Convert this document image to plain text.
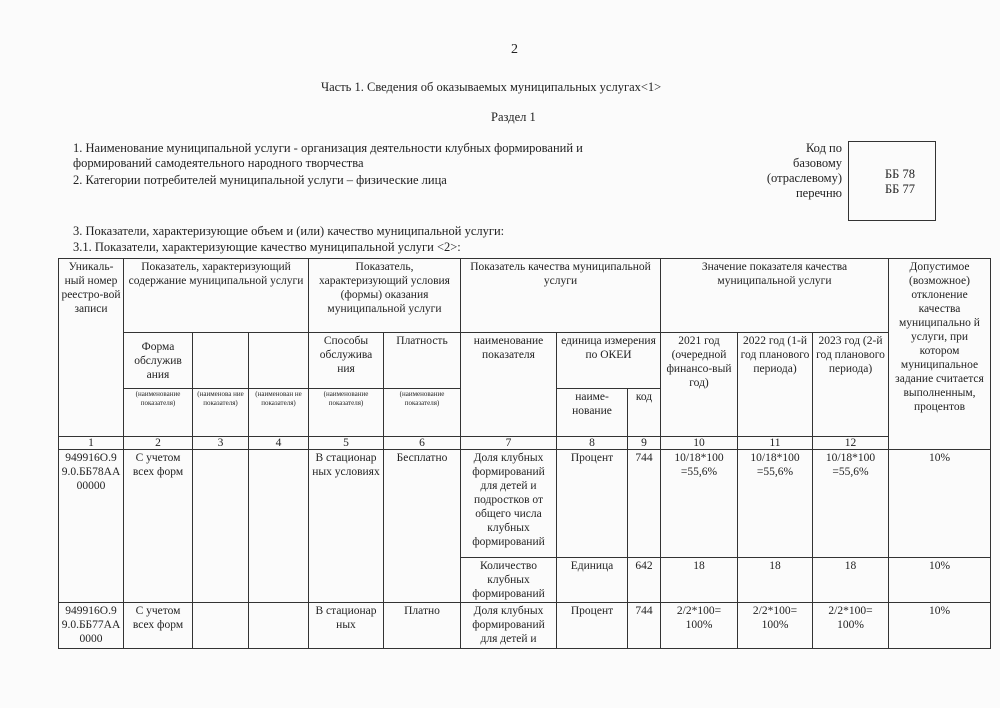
2
Часть 1. Сведения об оказываемых муниципальных услугах<1>
Раздел 1
1. Наименование муниципальной услуги - организация деятельности клубных формирований и
формирований самодеятельного народного творчества
2. Категории потребителей муниципальной услуги – физические лица
Код по
базовому
(отраслевому)
перечню
ББ 78
ББ 77
3. Показатели, характеризующие объем и (или) качество муниципальной услуги:
3.1. Показатели, характеризующие качество муниципальной услуги <2>:
Уникаль-ный номер реестро-вой записи	Показатель, характеризующий содержание муниципальной услуги			Показатель, характеризующий условия (формы) оказания муниципальной услуги		Показатель качества муниципальной услуги			Значение показателя качества муниципальной услуги			Допустимое (возможное) отклонение качества муниципально й услуги, при котором муниципальное задание считается выполненным, процентов
	Форма обслужив ания			Способы обслужива ния	Платность	наименование показателя	единица измерения по ОКЕИ		2021 год (очередной финансо-вый год)	2022 год (1-й год планового периода)	2023 год (2-й год планового периода)	
	(наименование показателя)	(наименова ние показателя)	(наименован не показателя)	(наименование показателя)	(наименование показателя)		наиме-нование	код				
1	2	3	4	5	6	7	8	9	10	11	12	
949916О.99.0.ББ78АА00000	С учетом всех форм			В стационар ных условиях	Бесплатно	Доля клубных формирований для детей и подростков от общего числа клубных формирований	Процент	744	10/18*100 =55,6%	10/18*100 =55,6%	10/18*100 =55,6%	10%
						Количество клубных формирований	Единица	642	18	18	18	10%
949916О.99.0.ББ77АА0000	С учетом всех форм			В стационар ных	Платно	Доля клубных формирований для детей и	Процент	744	2/2*100= 100%	2/2*100= 100%	2/2*100= 100%	10%
